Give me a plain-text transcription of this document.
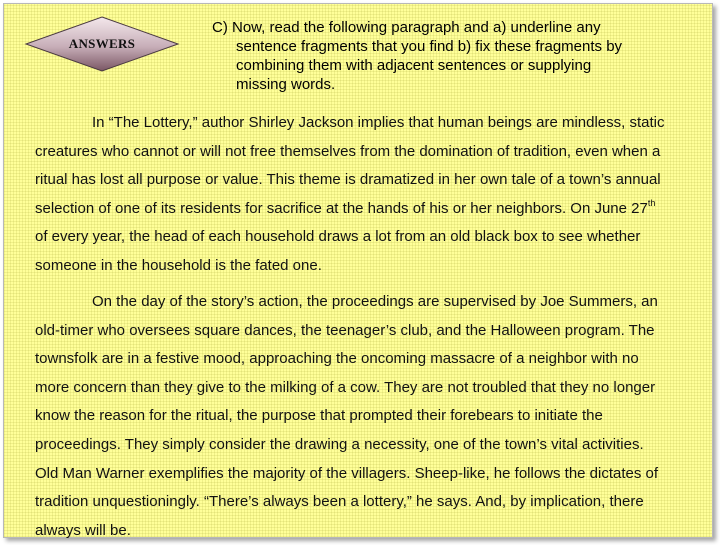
ANSWERS
C) Now, read the following paragraph and a) underline any
sentence fragments that you find b) fix these fragments by
combining them with adjacent sentences or supplying
missing words.
In “The Lottery,” author Shirley Jackson implies that human beings are mindless, static
creatures who cannot or will not free themselves from the domination of tradition, even when a
ritual has lost all purpose or value. This theme is dramatized in her own tale of a town’s annual
selection of one of its residents for sacrifice at the hands of his or her neighbors. On June 27th
of every year, the head of each household draws a lot from an old black box to see whether
someone in the household is the fated one.
On the day of the story’s action, the proceedings are supervised by Joe Summers, an
old-timer who oversees square dances, the teenager’s club, and the Halloween program. The
townsfolk are in a festive mood, approaching the oncoming massacre of a neighbor with no
more concern than they give to the milking of a cow. They are not troubled that they no longer
know the reason for the ritual, the purpose that prompted their forebears to initiate the
proceedings. They simply consider the drawing a necessity, one of the town’s vital activities.
Old Man Warner exemplifies the majority of the villagers. Sheep-like, he follows the dictates of
tradition unquestioningly. “There’s always been a lottery,” he says. And, by implication, there
always will be.
